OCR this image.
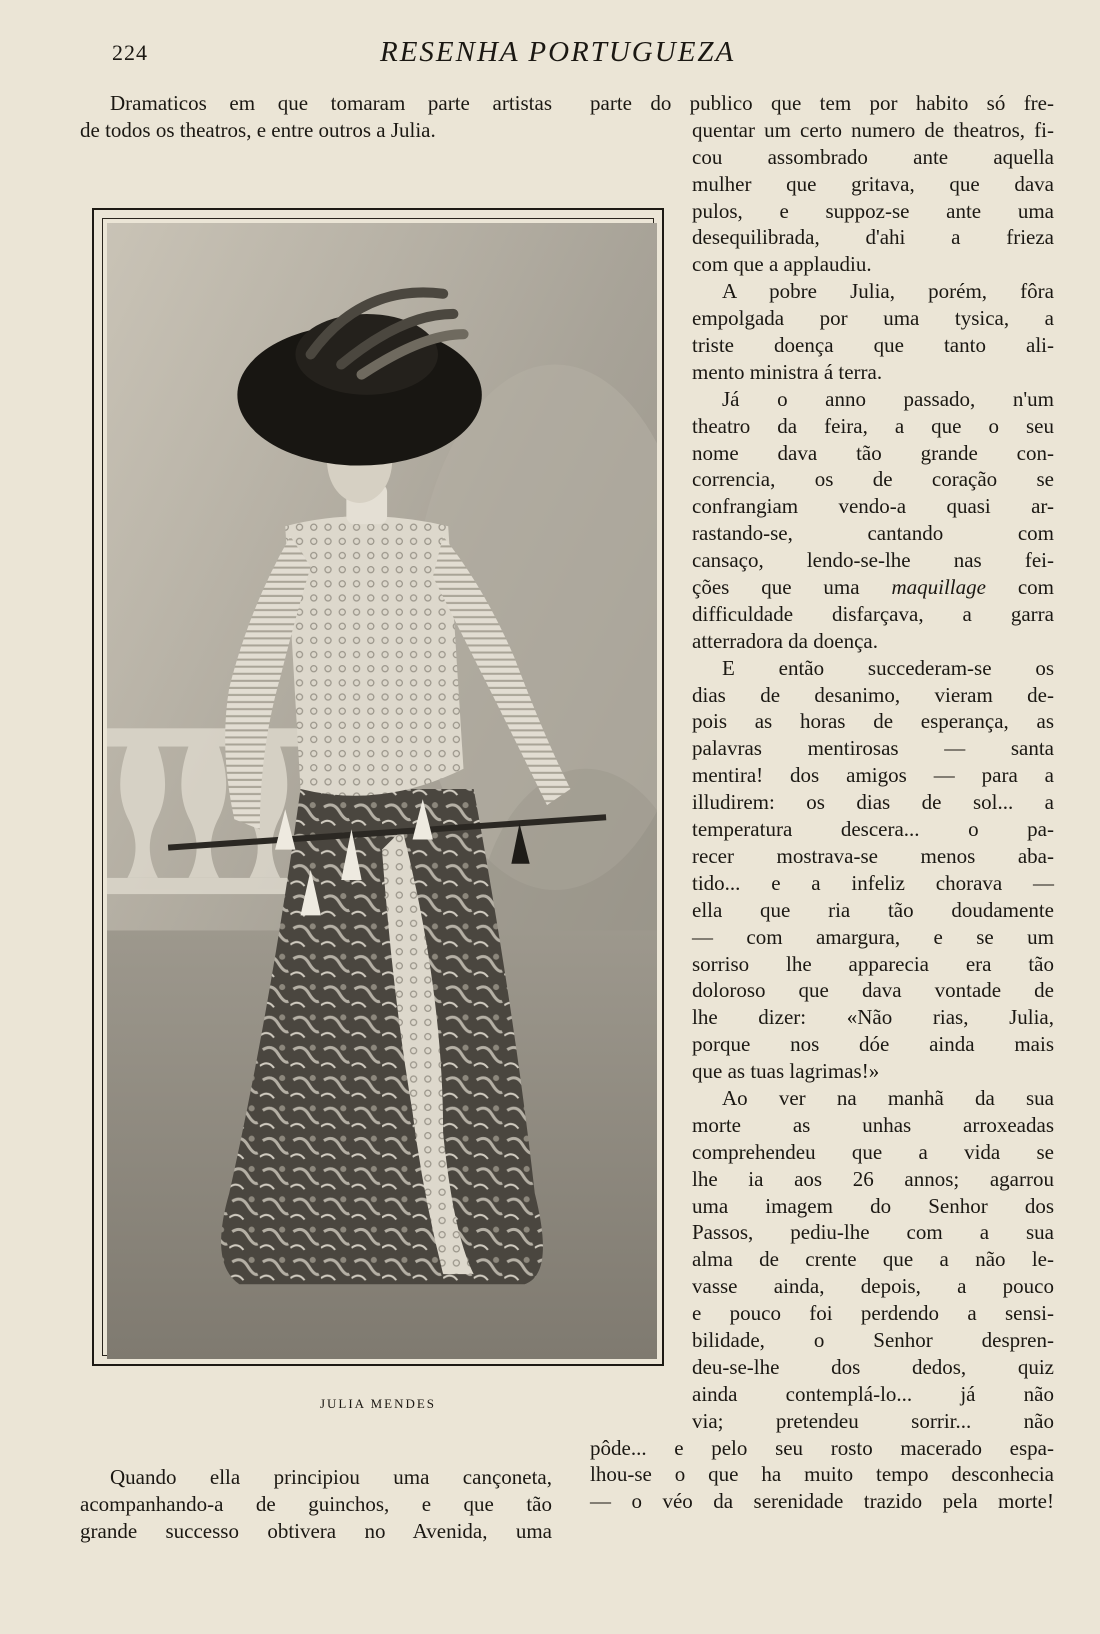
224	RESENHA PORTUGUEZA
Dramaticos em que tomaram parte artistas
de todos os theatros, e entre outros a Julia.
JULIA MENDES
Quando ella principiou uma cançoneta,
acompanhando-a de guinchos, e que tão
grande successo obtivera no Avenida, uma
parte do publico que tem por habito só fre-
quentar um certo numero de theatros, fi-
cou assombrado ante aquella
mulher que gritava, que dava
pulos, e suppoz-se ante uma
desequilibrada, d'ahi a frieza
com que a applaudiu.
A pobre Julia, porém, fôra
empolgada por uma tysica, a
triste doença que tanto ali-
mento ministra á terra.
Já o anno passado, n'um
theatro da feira, a que o seu
nome dava tão grande con-
correncia, os de coração se
confrangiam vendo-a quasi ar-
rastando-se, cantando com
cansaço, lendo-se-lhe nas fei-
ções que uma maquillage com
difficuldade disfarçava, a garra
atterradora da doença.
E então succederam-se os
dias de desanimo, vieram de-
pois as horas de esperança, as
palavras mentirosas — santa
mentira! dos amigos — para a
illudirem: os dias de sol... a
temperatura descera... o pa-
recer mostrava-se menos aba-
tido... e a infeliz chorava —
ella que ria tão doudamente
— com amargura, e se um
sorriso lhe apparecia era tão
doloroso que dava vontade de
lhe dizer: «Não rias, Julia,
porque nos dóe ainda mais
que as tuas lagrimas!»
Ao ver na manhã da sua
morte as unhas arroxeadas
comprehendeu que a vida se
lhe ia aos 26 annos; agarrou
uma imagem do Senhor dos
Passos, pediu-lhe com a sua
alma de crente que a não le-
vasse ainda, depois, a pouco
e pouco foi perdendo a sensi-
bilidade, o Senhor despren-
deu-se-lhe dos dedos, quiz
ainda contemplá-lo... já não
via; pretendeu sorrir... não
pôde... e pelo seu rosto macerado espa-
lhou-se o que ha muito tempo desconhecia
— o véo da serenidade trazido pela morte!
